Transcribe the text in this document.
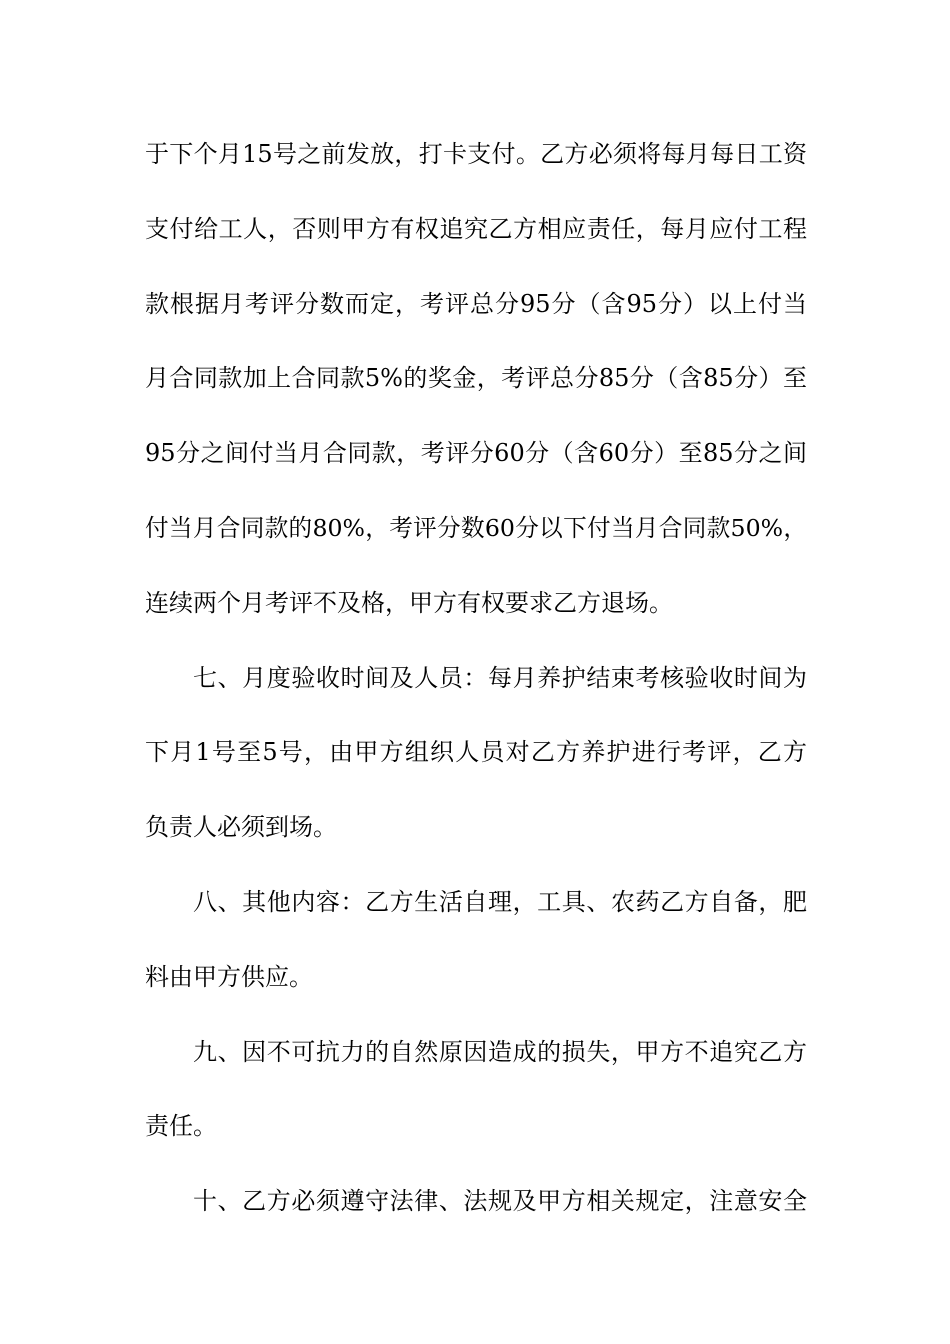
于下个月15号之前发放，打卡支付。乙方必须将每月每日工资
支付给工人，否则甲方有权追究乙方相应责任，每月应付工程
款根据月考评分数而定，考评总分95分（含95分）以上付当
月合同款加上合同款5%的奖金，考评总分85分（含85分）至
95分之间付当月合同款，考评分60分（含60分）至85分之间
付当月合同款的80%，考评分数60分以下付当月合同款50%，
连续两个月考评不及格，甲方有权要求乙方退场。
七、月度验收时间及人员：每月养护结束考核验收时间为
下月1号至5号，由甲方组织人员对乙方养护进行考评，乙方
负责人必须到场。
八、其他内容：乙方生活自理，工具、农药乙方自备，肥
料由甲方供应。
九、因不可抗力的自然原因造成的损失，甲方不追究乙方
责任。
十、乙方必须遵守法律、法规及甲方相关规定，注意安全
